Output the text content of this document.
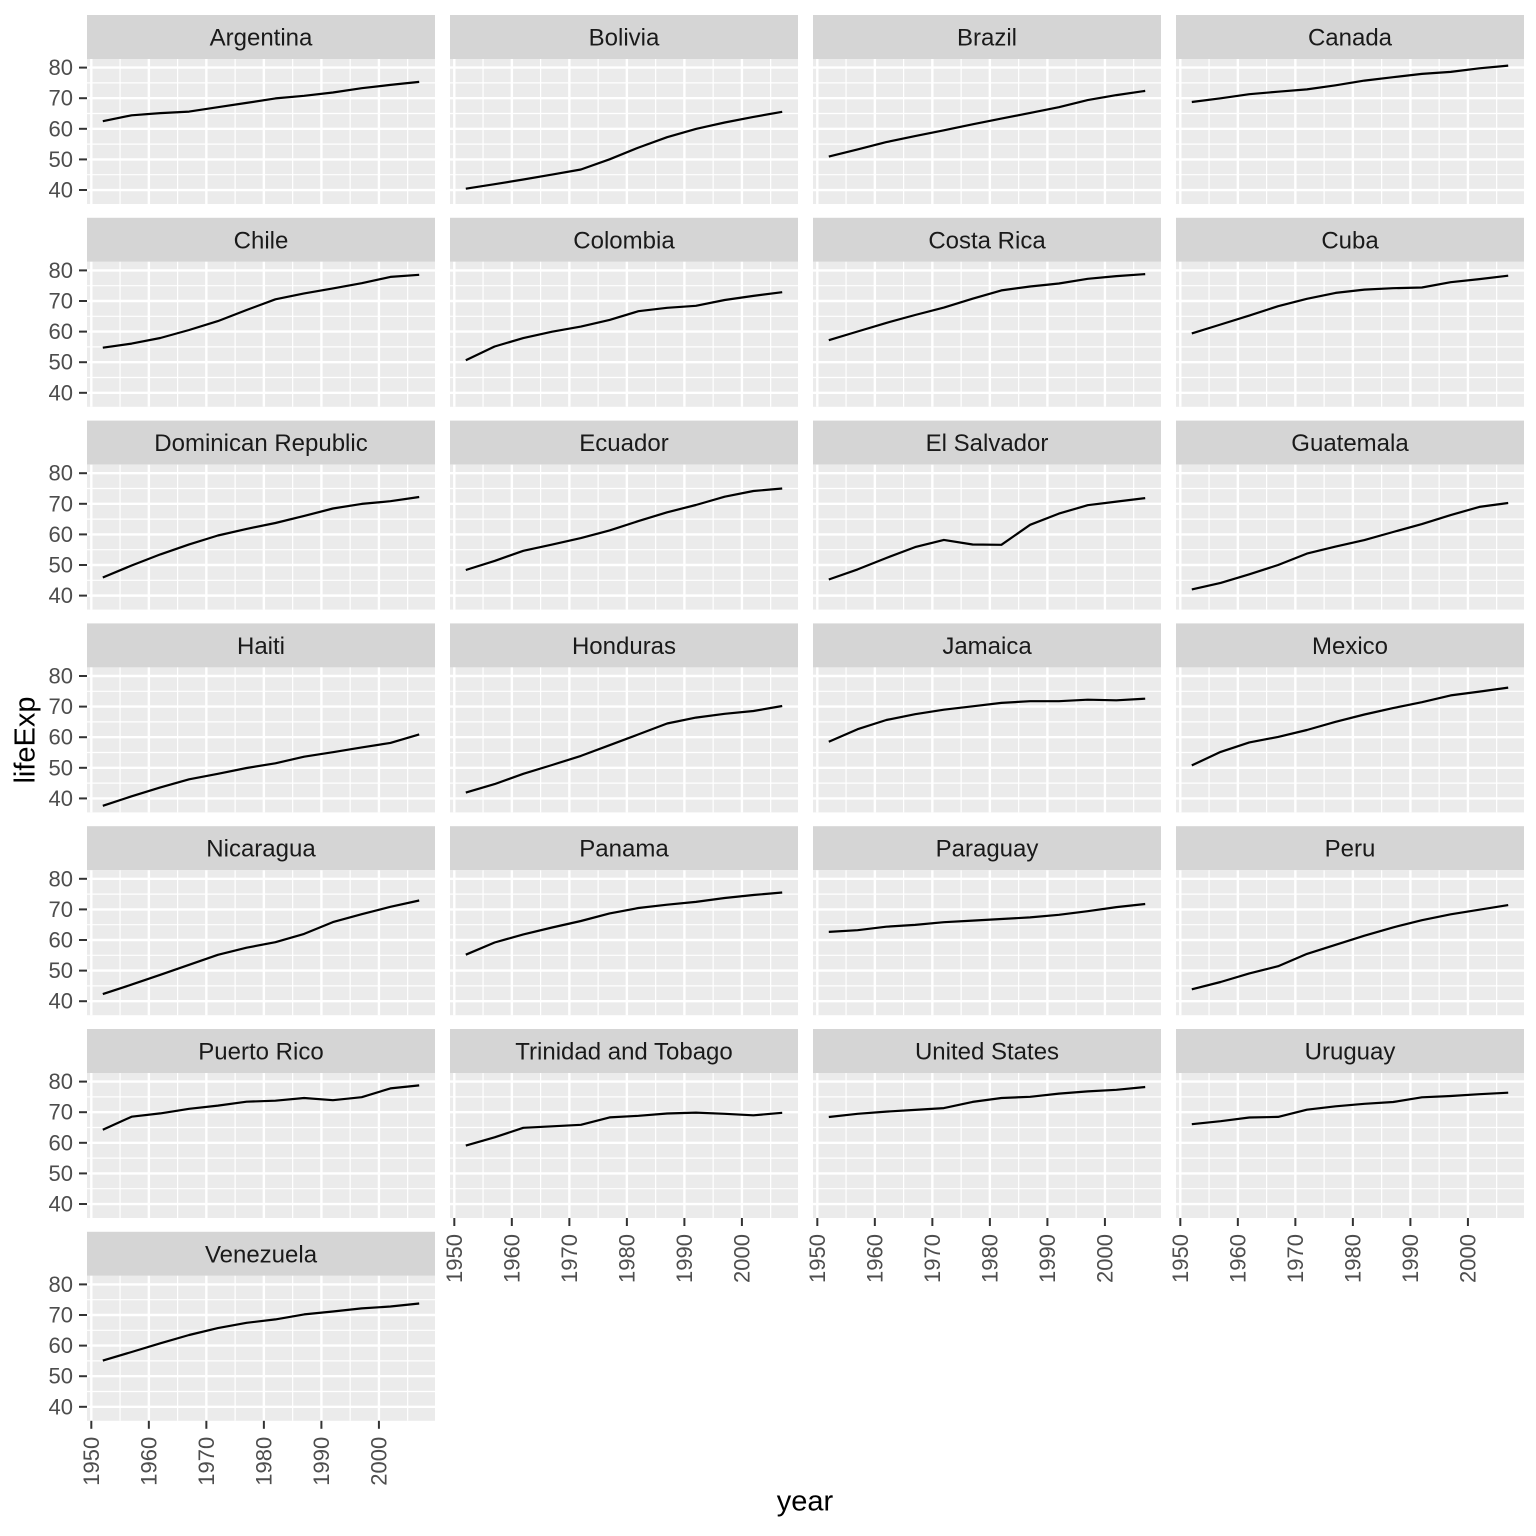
Argentina
40
50
60
70
80
Bolivia	Brazil	Canada
Chile
40
50
60
70
80
Colombia	Costa Rica	Cuba
Dominican Republic
40
50
60
70
80
Ecuador	El Salvador	Guatemala
Haiti
40
50
60
70
80
Honduras	Jamaica	Mexico
Nicaragua
40
50
60
70
80
Panama	Paraguay	Peru
Puerto Rico
40
50
60
70
80
Trinidad and Tobago
1950 1960 1970 1980 1990 2000
United States
1950 1960 1970 1980 1990 2000
Uruguay
1950 1960 1970 1980 1990 2000
Venezuela
40
50
60
70
80
1950 1960 1970 1980 1990 2000
lifeExp
year
